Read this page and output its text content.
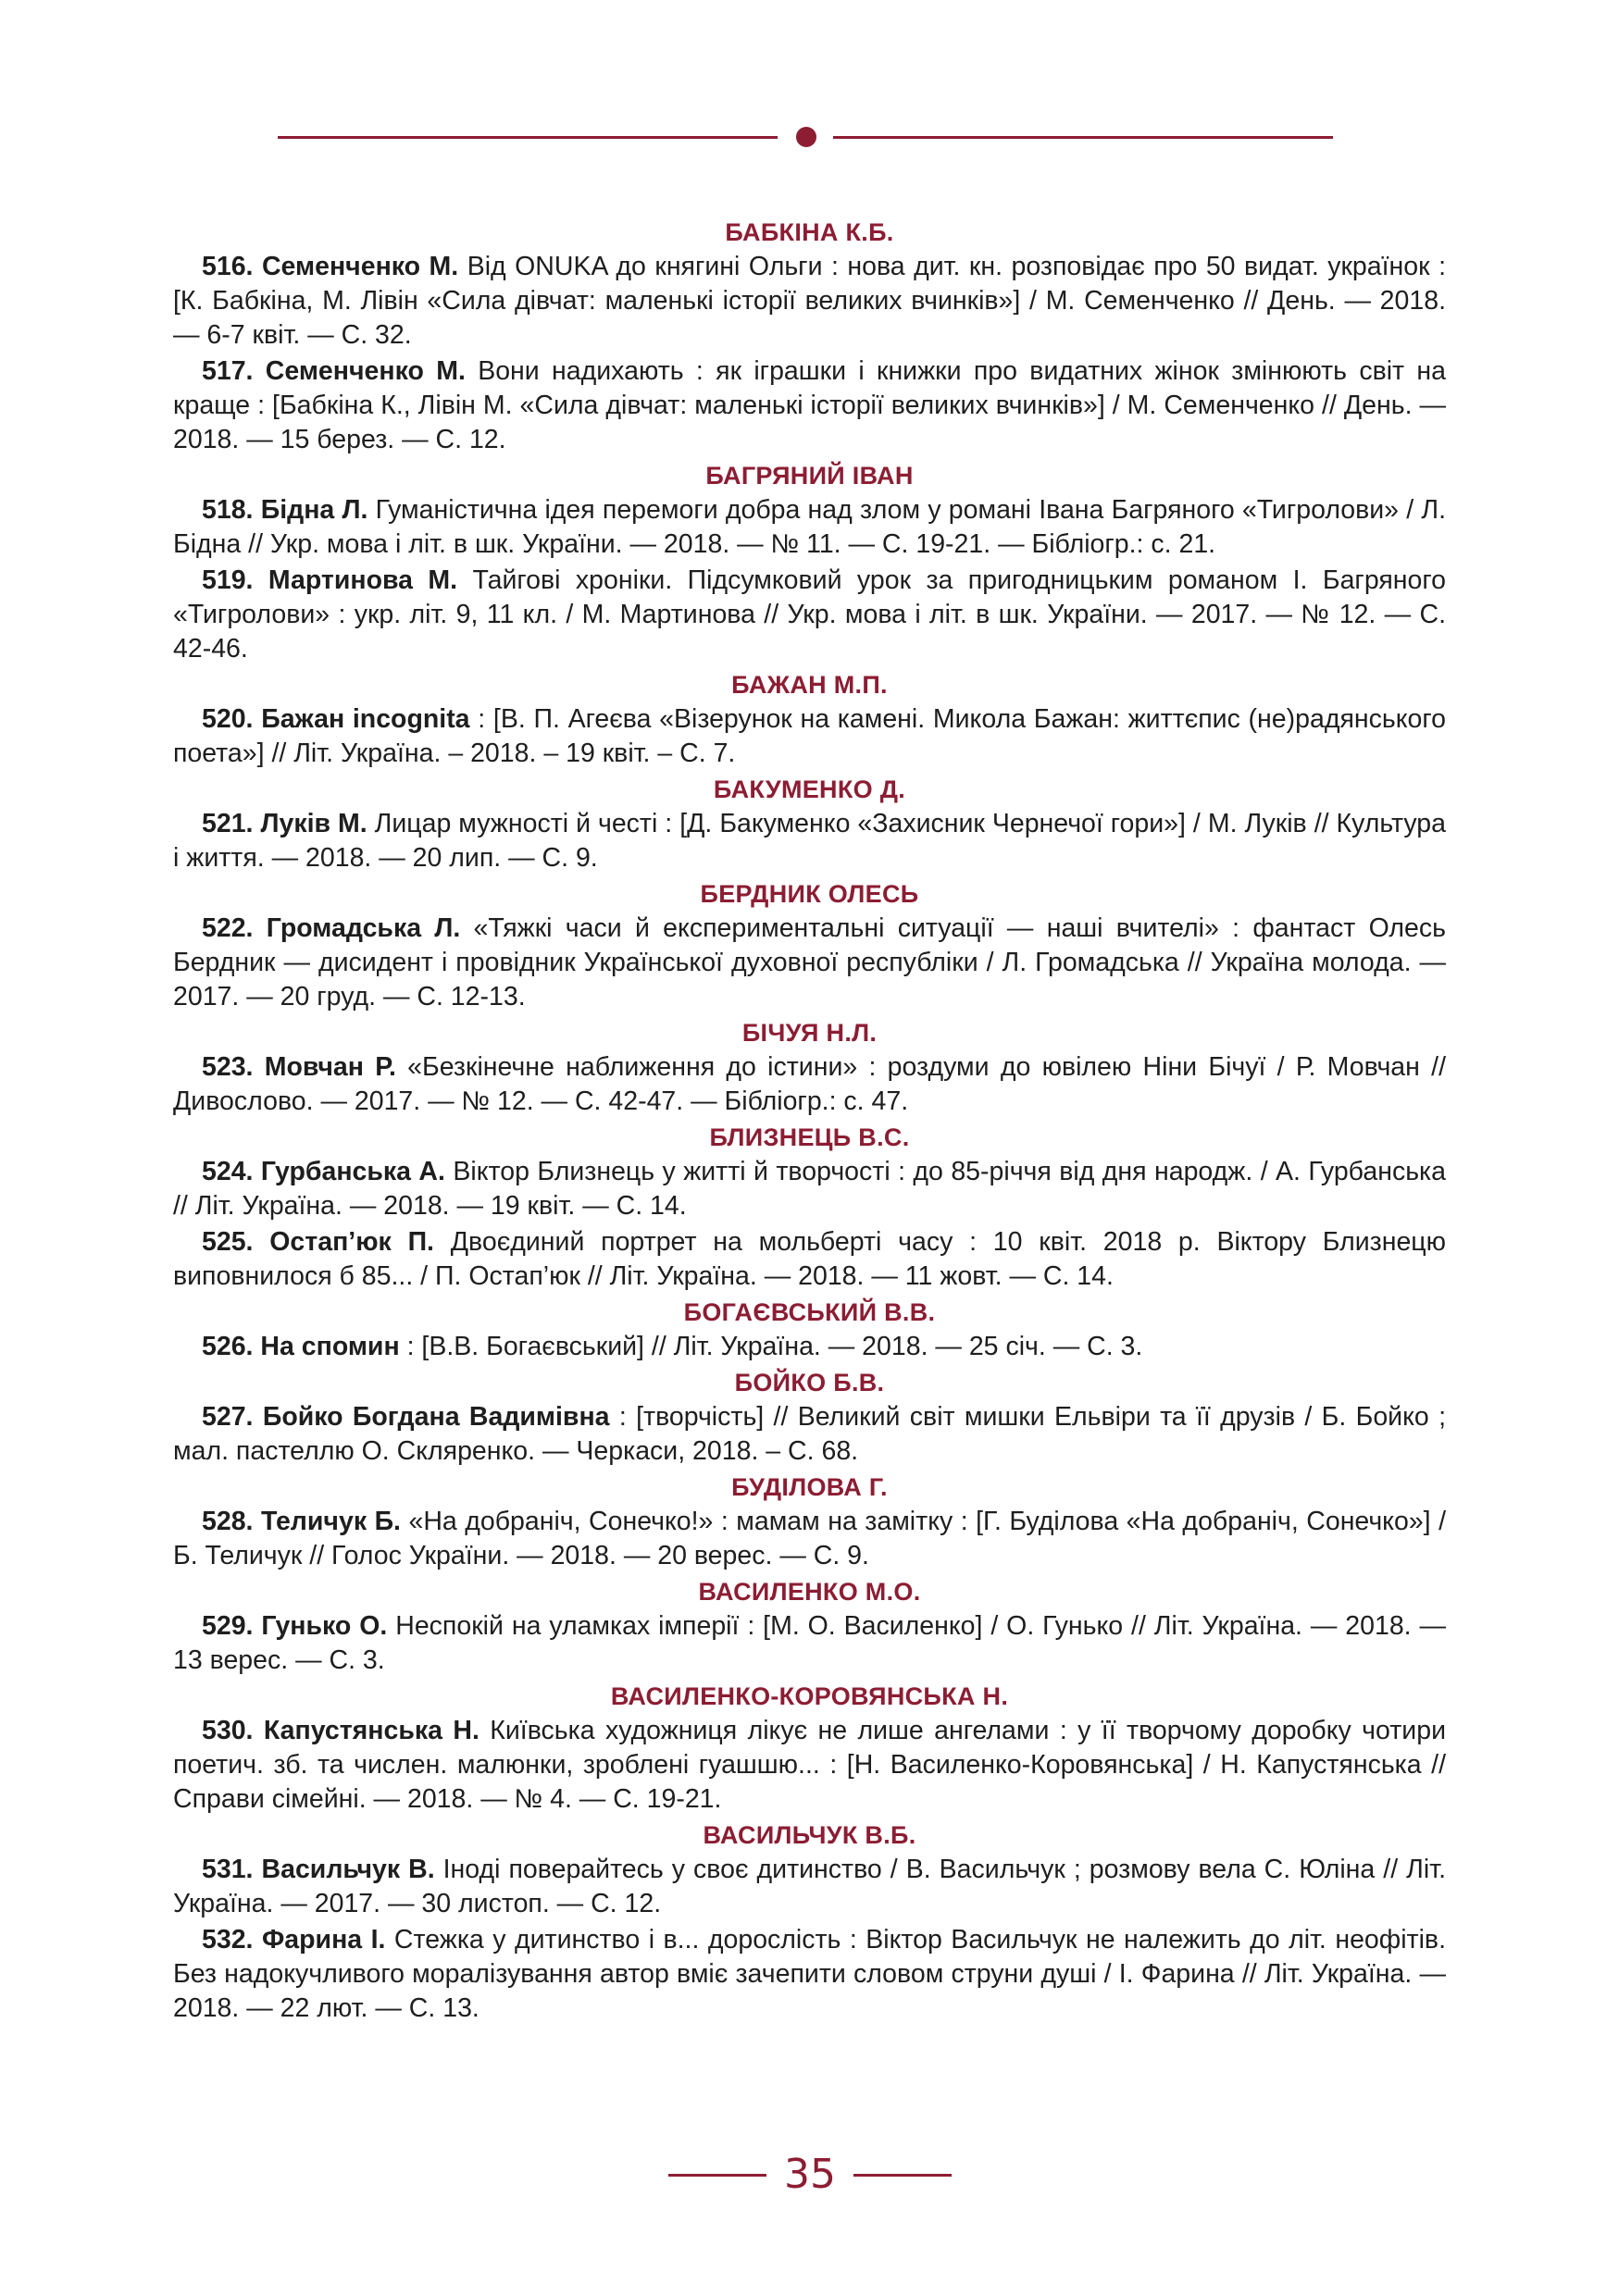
БАБКІНА К.Б.
516. Семенченко М. Від ONUKA до княгині Ольги : нова дит. кн. розповідає про 50 видат. українок : [К. Бабкіна, М. Лівін «Сила дівчат: маленькі історії великих вчинків»] / М. Семенченко // День. — 2018. — 6-7 квіт. — С. 32.
517. Семенченко М. Вони надихають : як іграшки і книжки про видатних жінок змінюють світ на краще : [Бабкіна К., Лівін М. «Сила дівчат: маленькі історії великих вчинків»] / М. Семенченко // День. — 2018. — 15 берез. — С. 12.
БАГРЯНИЙ ІВАН
518. Бідна Л. Гуманістична ідея перемоги добра над злом у романі Івана Багряного «Тигролови» / Л. Бідна // Укр. мова і літ. в шк. України. — 2018. — № 11. — С. 19-21. — Бібліогр.: с. 21.
519. Мартинова М. Тайгові хроніки. Підсумковий урок за пригодницьким романом І. Багряного «Тигролови» : укр. літ. 9, 11 кл. / М. Мартинова // Укр. мова і літ. в шк. України. — 2017. — № 12. — С. 42-46.
БАЖАН М.П.
520. Бажан incognita : [В. П. Агеєва «Візерунок на камені. Микола Бажан: життєпис (не)радянського поета»] // Літ. Україна. – 2018. – 19 квіт. – С. 7.
БАКУМЕНКО Д.
521. Луків М. Лицар мужності й честі : [Д. Бакуменко «Захисник Чернечої гори»] / М. Луків // Культура і життя. — 2018. — 20 лип. — С. 9.
БЕРДНИК ОЛЕСЬ
522. Громадська Л. «Тяжкі часи й експериментальні ситуації — наші вчителі» : фантаст Олесь Бердник — дисидент і провідник Української духовної республіки / Л. Громадська // Україна молода. — 2017. — 20 груд. — С. 12-13.
БІЧУЯ Н.Л.
523. Мовчан Р. «Безкінечне наближення до істини» : роздуми до ювілею Ніни Бічуї / Р. Мовчан // Дивослово. — 2017. — № 12. — С. 42-47. — Бібліогр.: с. 47.
БЛИЗНЕЦЬ В.С.
524. Гурбанська А. Віктор Близнець у житті й творчості : до 85-річчя від дня народж. / А. Гурбанська // Літ. Україна. — 2018. — 19 квіт. — С. 14.
525. Остап’юк П. Двоєдиний портрет на мольберті часу : 10 квіт. 2018 р. Віктору Близнецю виповнилося б 85... / П. Остап’юк // Літ. Україна. — 2018. — 11 жовт. — С. 14.
БОГАЄВСЬКИЙ В.В.
526. На спомин : [В.В. Богаєвський] // Літ. Україна. — 2018. — 25 січ. — С. 3.
БОЙКО Б.В.
527. Бойко Богдана Вадимівна : [творчість] // Великий світ мишки Ельвіри та її друзів / Б. Бойко ; мал. пастеллю О. Скляренко. — Черкаси, 2018. – С. 68.
БУДІЛОВА Г.
528. Теличук Б. «На добраніч, Сонечко!» : мамам на замітку : [Г. Буділова «На добраніч, Сонечко»] / Б. Теличук // Голос України. — 2018. — 20 верес. — С. 9.
ВАСИЛЕНКО М.О.
529. Гунько О. Неспокій на уламках імперії : [М. О. Василенко] / О. Гунько // Літ. Україна. — 2018. — 13 верес. — С. 3.
ВАСИЛЕНКО-КОРОВЯНСЬКА Н.
530. Капустянська Н. Київська художниця лікує не лише ангелами : у її творчому доробку чотири поетич. зб. та числен. малюнки, зроблені гуашшю... : [Н. Василенко-Коровянська] / Н. Капустянська // Справи сімейні. — 2018. — № 4. — С. 19-21.
ВАСИЛЬЧУК В.Б.
531. Васильчук В. Іноді поверайтесь у своє дитинство / В. Васильчук ; розмову вела С. Юліна // Літ. Україна. — 2017. — 30 листоп. — С. 12.
532. Фарина І. Стежка у дитинство і в... дорослість : Віктор Васильчук не належить до літ. неофітів. Без надокучливого моралізування автор вміє зачепити словом струни душі / І. Фарина // Літ. Україна. — 2018. — 22 лют. — С. 13.
35
